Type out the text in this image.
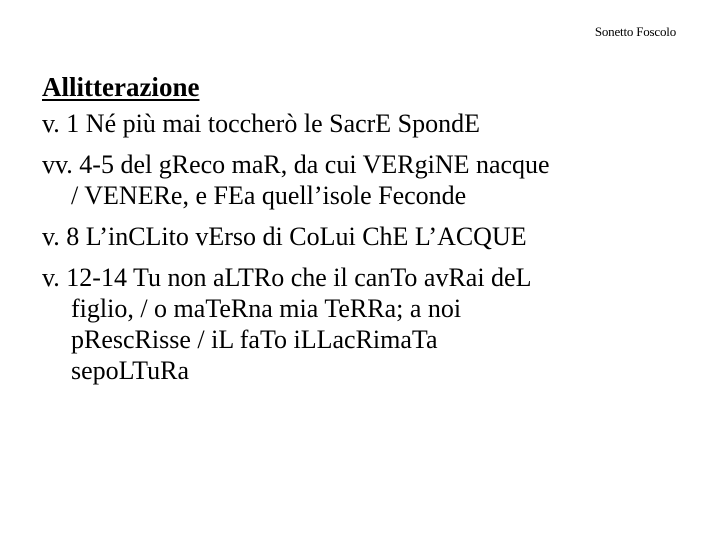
Sonetto Foscolo
Allitterazione
v. 1 Né più mai toccherò le SacrE SpondE
vv. 4-5 del gReco maR, da cui VERgiNE nacque
/ VENERe, e FEa quell’isole Feconde
v. 8 L’inCLito vErso di CoLui ChE L’ACQUE
v. 12-14 Tu non aLTRo che il canTo avRai deL
figlio, / o maTeRna mia TeRRa; a noi
pRescRisse / iL faTo iLLacRimaTa
sepoLTuRa
